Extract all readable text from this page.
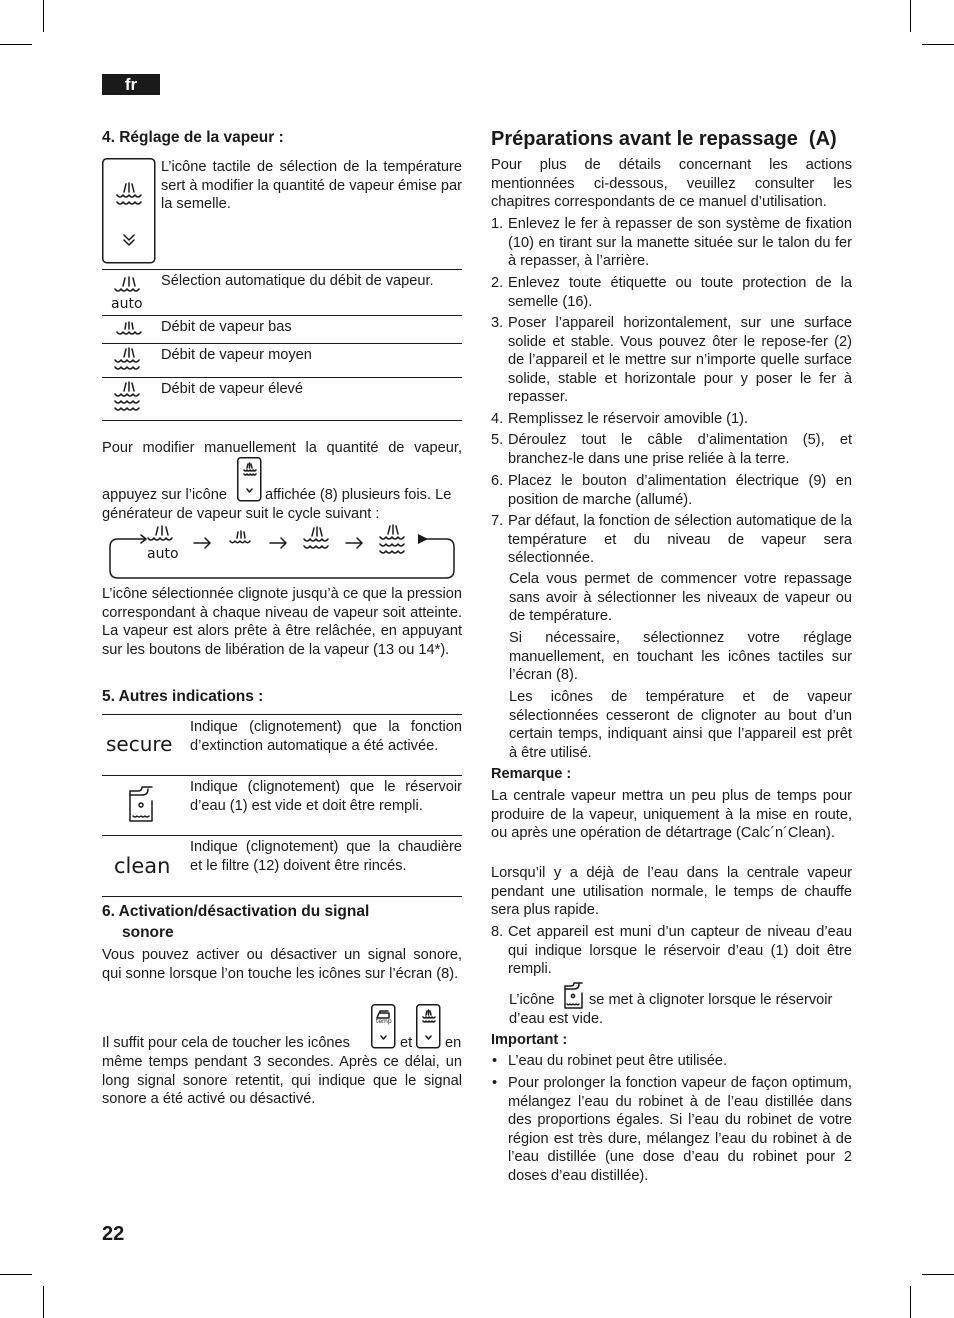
fr
4. Réglage de la vapeur :
L’icône tactile de sélection de la température sert à modifier la quantité de vapeur émise par la semelle.
auto
Sélection automatique du débit de vapeur.
Débit de vapeur bas
Débit de vapeur moyen
Débit de vapeur élevé
Pour modifier manuellement la quantité de vapeur,
appuyez sur l’icône	affichée (8) plusieurs fois. Le
générateur de vapeur suit le cycle suivant :
auto
L’icône sélectionnée clignote jusqu’à ce que la pression correspondant à chaque niveau de vapeur soit atteinte. La vapeur est alors prête à être relâchée, en appuyant sur les boutons de libération de la vapeur (13 ou 14*).
5. Autres indications :
secure
Indique (clignotement) que la fonction d’extinction automatique a été activée.
Indique (clignotement) que le réservoir d’eau (1) est vide et doit être rempli.
clean
Indique (clignotement) que la chaudière et le filtre (12) doivent être rincés.
6. Activation/désactivation du signal
sonore
Vous pouvez activer ou désactiver un signal sonore, qui sonne lorsque l’on touche les icônes sur l’écran (8).
Il suffit pour cela de toucher les icônes
temp
et en
même temps pendant 3 secondes. Après ce délai, un long signal sonore retentit, qui indique que le signal sonore a été activé ou désactivé.
22
Préparations avant le repassage  (A)
Pour plus de détails concernant les actions mentionnées ci-dessous, veuillez consulter les chapitres correspondants de ce manuel d’utilisation.
1. Enlevez le fer à repasser de son système de fixation (10) en tirant sur la manette située sur le talon du fer à repasser, à l’arrière.
2. Enlevez toute étiquette ou toute protection de la semelle (16).
3. Poser l’appareil horizontalement, sur une surface solide et stable. Vous pouvez ôter le repose-fer (2) de l’appareil et le mettre sur n’importe quelle surface solide, stable et horizontale pour y poser le fer à repasser.
4. Remplissez le réservoir amovible (1).
5. Déroulez tout le câble d’alimentation (5), et branchez-le dans une prise reliée à la terre.
6. Placez le bouton d’alimentation électrique (9) en position de marche (allumé).
7. Par défaut, la fonction de sélection automatique de la température et du niveau de vapeur sera sélectionnée.
Cela vous permet de commencer votre repassage sans avoir à sélectionner les niveaux de vapeur ou de température.
Si nécessaire, sélectionnez votre réglage manuellement, en touchant les icônes tactiles sur l’écran (8).
Les icônes de température et de vapeur sélectionnées cesseront de clignoter au bout d’un certain temps, indiquant ainsi que l’appareil est prêt à être utilisé.
Remarque :
La centrale vapeur mettra un peu plus de temps pour produire de la vapeur, uniquement à la mise en route, ou après une opération de détartrage (Calc´n´Clean).
Lorsqu’il y a déjà de l’eau dans la centrale vapeur pendant une utilisation normale, le temps de chauffe sera plus rapide.
8. Cet appareil est muni d’un capteur de niveau d’eau qui indique lorsque le réservoir d’eau (1) doit être rempli.
L’icône se met à clignoter lorsque le réservoir
d’eau est vide.
Important :
• L’eau du robinet peut être utilisée.
• Pour prolonger la fonction vapeur de façon optimum, mélangez l’eau du robinet à de l’eau distillée dans des proportions égales. Si l’eau du robinet de votre région est très dure, mélangez l’eau du robinet à de l’eau distillée (une dose d’eau du robinet pour 2 doses d’eau distillée).
